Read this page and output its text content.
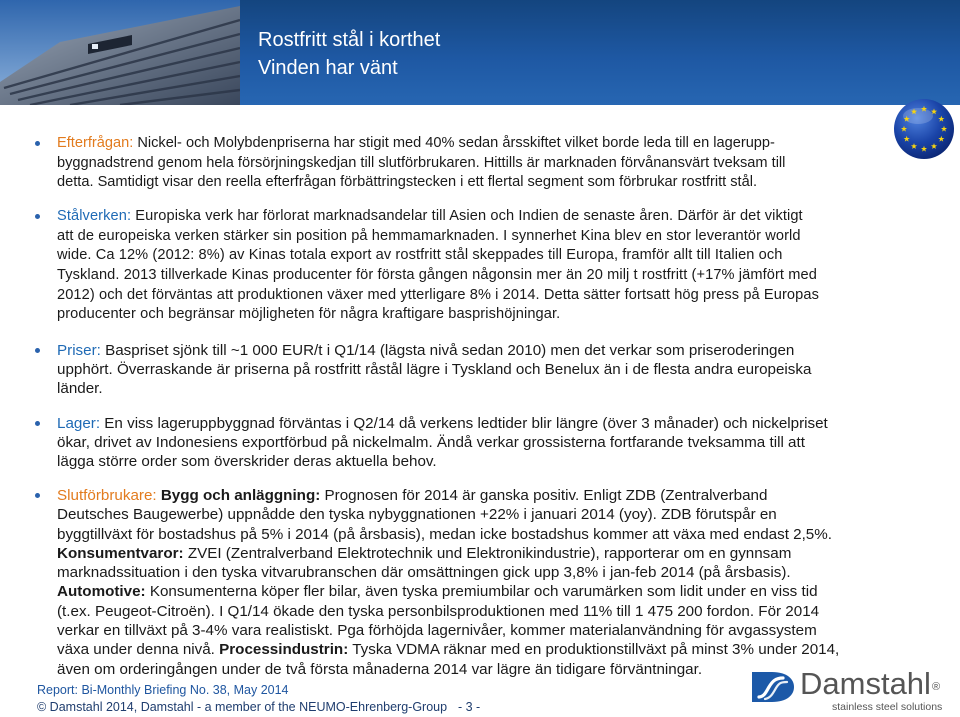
Rostfritt stål i korthet
Vinden har vänt
Efterfrågan: Nickel- och Molybdenpriserna har stigit med 40% sedan årsskiftet vilket borde leda till en lagerupp-
byggnadstrend genom hela försörjningskedjan till slutförbrukaren. Hittills är marknaden förvånansvärt tveksam till
detta. Samtidigt visar den reella efterfrågan förbättringstecken i ett flertal segment som förbrukar rostfritt stål.
Stålverken: Europiska verk har förlorat marknadsandelar till Asien och Indien de senaste åren. Därför är det viktigt
att de europeiska verken stärker sin position på hemmamarknaden. I synnerhet Kina blev en stor leverantör world
wide. Ca 12% (2012: 8%) av Kinas totala export av rostfritt stål skeppades till Europa, framför allt till Italien och
Tyskland. 2013 tillverkade Kinas producenter för första gången någonsin mer än 20 milj t rostfritt (+17% jämfört med
2012) och det förväntas att produktionen växer med ytterligare 8% i 2014. Detta sätter fortsatt hög press på Europas
producenter och begränsar möjligheten för några kraftigare basprishöjningar.
Priser: Baspriset sjönk till ~1 000 EUR/t i Q1/14 (lägsta nivå sedan 2010) men det verkar som priseroderingen
upphört. Överraskande är priserna på rostfritt råstål lägre i Tyskland och Benelux än i de flesta andra europeiska
länder.
Lager: En viss lageruppbyggnad förväntas i Q2/14 då verkens ledtider blir längre (över 3 månader) och nickelpriset
ökar, drivet av Indonesiens exportförbud på nickelmalm. Ändå verkar grossisterna fortfarande tveksamma till att
lägga större order som överskrider deras aktuella behov.
Slutförbrukare: Bygg och anläggning: Prognosen för 2014 är ganska positiv. Enligt ZDB (Zentralverband
Deutsches Baugewerbe) uppnådde den tyska nybyggnationen +22% i januari 2014 (yoy). ZDB förutspår en
byggtillväxt för bostadshus på 5% i 2014 (på årsbasis), medan icke bostadshus kommer att växa med endast 2,5%.
Konsumentvaror: ZVEI (Zentralverband Elektrotechnik und Elektronikindustrie), rapporterar om en gynnsam
marknadssituation i den tyska vitvarubranschen där omsättningen gick upp 3,8% i jan-feb 2014 (på årsbasis).
Automotive: Konsumenterna köper fler bilar, även tyska premiumbilar och varumärken som lidit under en viss tid
(t.ex. Peugeot-Citroën). I Q1/14 ökade den tyska personbilsproduktionen med 11% till 1 475 200 fordon. För 2014
verkar en tillväxt på 3-4% vara realistiskt. Pga förhöjda lagernivåer, kommer materialanvändning för avgassystem
växa under denna nivå. Processindustrin: Tyska VDMA räknar med en produktionstillväxt på minst 3% under 2014,
även om orderingången under de två första månaderna 2014 var lägre än tidigare förväntningar.
Report: Bi-Monthly Briefing No. 38, May 2014
© Damstahl 2014, Damstahl - a member of the NEUMO-Ehrenberg-Group - 3 -
Damstahl®
stainless steel solutions
